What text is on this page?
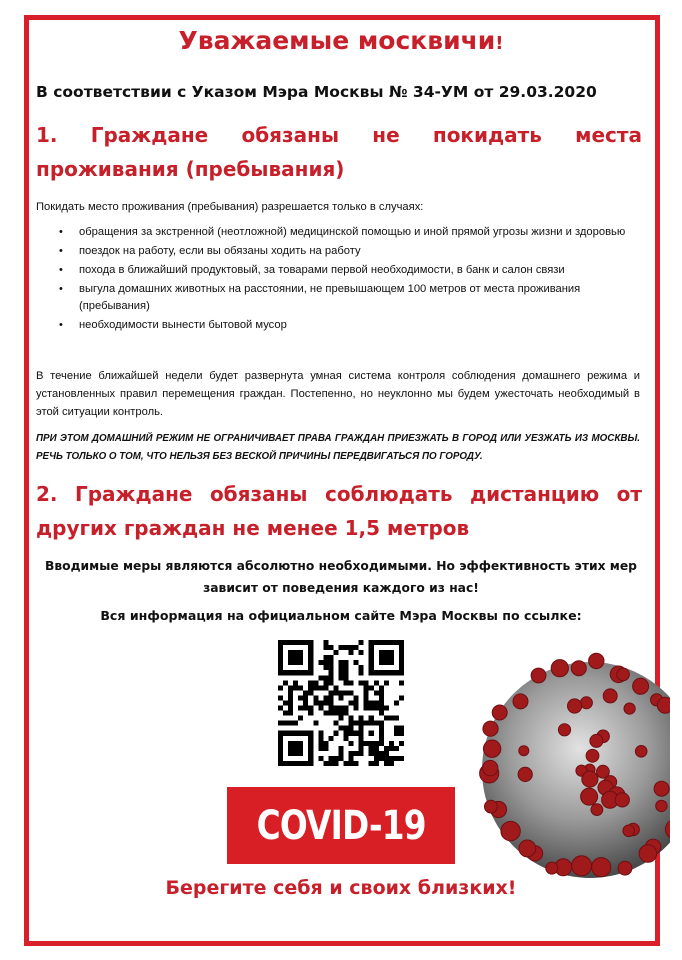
Уважаемые москвичи!
В соответствии с Указом Мэра Москвы № 34-УМ от 29.03.2020
1. Граждане обязаны не покидать места проживания (пребывания)
Покидать место проживания (пребывания) разрешается только в случаях:
• обращения за экстренной (неотложной) медицинской помощью и иной прямой угрозы жизни и здоровью
• поездок на работу, если вы обязаны ходить на работу
• похода в ближайший продуктовый, за товарами первой необходимости, в банк и салон связи
• выгула домашних животных на расстоянии, не превышающем 100 метров от места проживания (пребывания)
• необходимости вынести бытовой мусор
В течение ближайшей недели будет развернута умная система контроля соблюдения домашнего режима и установленных правил перемещения граждан. Постепенно, но неуклонно мы будем ужесточать необходимый в этой ситуации контроль.
ПРИ ЭТОМ ДОМАШНИЙ РЕЖИМ НЕ ОГРАНИЧИВАЕТ ПРАВА ГРАЖДАН ПРИЕЗЖАТЬ В ГОРОД ИЛИ УЕЗЖАТЬ ИЗ МОСКВЫ. РЕЧЬ ТОЛЬКО О ТОМ, ЧТО НЕЛЬЗЯ БЕЗ ВЕСКОЙ ПРИЧИНЫ ПЕРЕДВИГАТЬСЯ ПО ГОРОДУ.
2. Граждане обязаны соблюдать дистанцию от других граждан не менее 1,5 метров
Вводимые меры являются абсолютно необходимыми. Но эффективность этих мер зависит от поведения каждого из нас!
Вся информация на официальном сайте Мэра Москвы по ссылке:
COVID-19
Берегите себя и своих близких!
